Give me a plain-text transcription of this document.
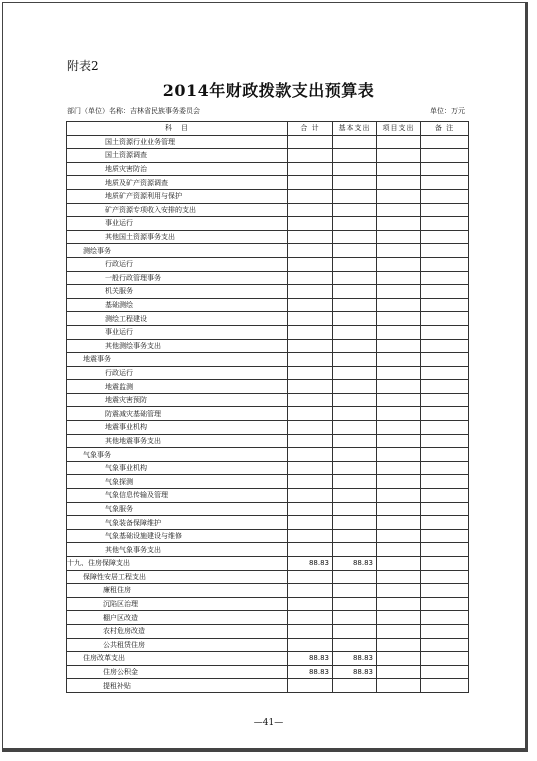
附表2
2014年财政拨款支出预算表
部门（单位）名称：吉林省民族事务委员会	单位：万元
科　目	合 计	基本支出	项目支出	备 注
国土资源行业业务管理				
国土资源调查				
地质灾害防治				
地质及矿产资源调查				
地质矿产资源利用与保护				
矿产资源专项收入安排的支出				
事业运行				
其他国土资源事务支出				
测绘事务				
行政运行				
一般行政管理事务				
机关服务				
基础测绘				
测绘工程建设				
事业运行				
其他测绘事务支出				
地震事务				
行政运行				
地震监测				
地震灾害预防				
防震减灾基础管理				
地震事业机构				
其他地震事务支出				
气象事务				
气象事业机构				
气象探测				
气象信息传输及管理				
气象服务				
气象装备保障维护				
气象基础设施建设与维修				
其他气象事务支出				
十九、住房保障支出	88.83	88.83		
保障性安居工程支出				
廉租住房				
沉陷区治理				
棚户区改造				
农村危房改造				
公共租赁住房				
住房改革支出	88.83	88.83		
住房公积金	88.83	88.83		
提租补贴				
—41—
